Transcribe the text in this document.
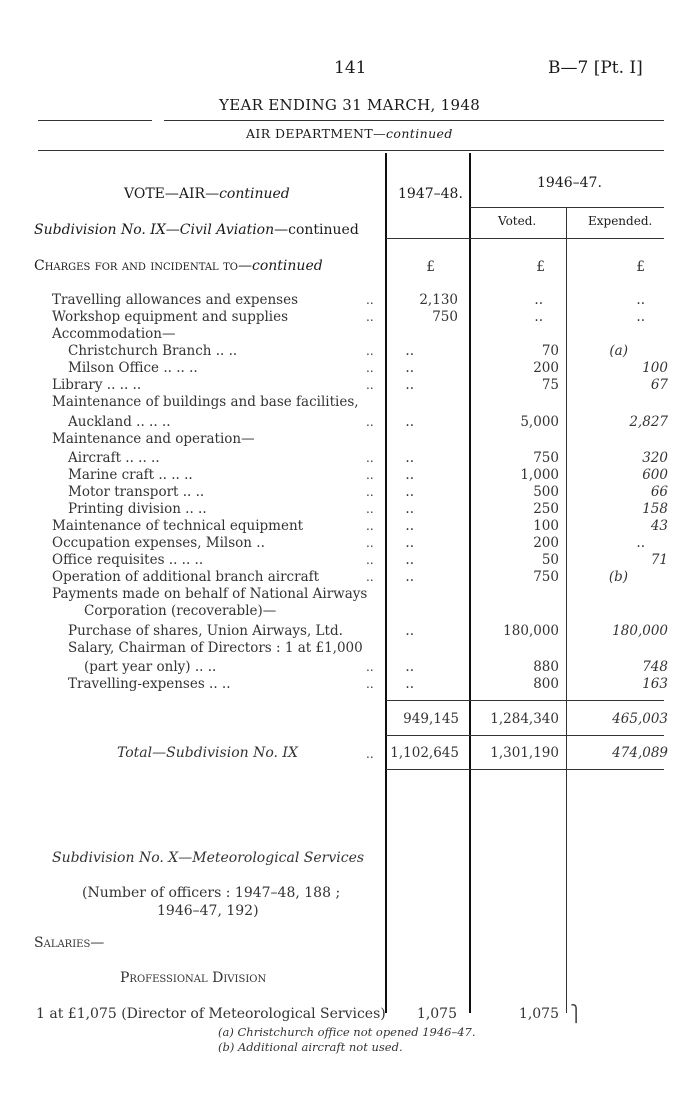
141	B—7 [Pt. I]
YEAR ENDING 31 MARCH, 1948
AIR DEPARTMENT—continued
VOTE—AIR—continued	1947–48.
1946–47.
Voted.	Expended.
Subdivision No. IX—Civil Aviation—continued
Charges for and incidental to—continued	£	£	£
Travelling allowances and expenses	..	2,130	..	..
Workshop equipment and supplies	..	750	..	..
Accommodation—
Christchurch Branch .. ..	.. ..	70	(a)
Milson Office .. .. ..	.. ..	200	100
Library .. .. ..	.. ..	75	67
Maintenance of buildings and base facilities,
Auckland .. .. ..	.. ..	5,000	2,827
Maintenance and operation—
Aircraft .. .. ..	.. ..	750	320
Marine craft .. .. ..	.. ..	1,000	600
Motor transport .. ..	.. ..	500	66
Printing division .. ..	.. ..	250	158
Maintenance of technical equipment	.. ..	100	43
Occupation expenses, Milson ..	.. ..	200	..
Office requisites .. .. ..	.. ..	50	71
Operation of additional branch aircraft	.. ..	750	(b)
Payments made on behalf of National Airways
Corporation (recoverable)—
Purchase of shares, Union Airways, Ltd.	..	180,000	180,000
Salary, Chairman of Directors : 1 at £1,000
(part year only) .. ..	.. ..	880	748
Travelling-expenses .. ..	.. ..	800	163
949,145 1,284,340	465,003
Total—Subdivision No. IX	.. 1,102,645 1,301,190	474,089
Subdivision No. X—Meteorological Services
(Number of officers : 1947–48, 188 ;
1946–47, 192)
Salaries—
Professional Division
1 at £1,075 (Director of Meteorological Services) 1,075	1,075 ⎫
(a) Christchurch office not opened 1946–47.
(b) Additional aircraft not used.
